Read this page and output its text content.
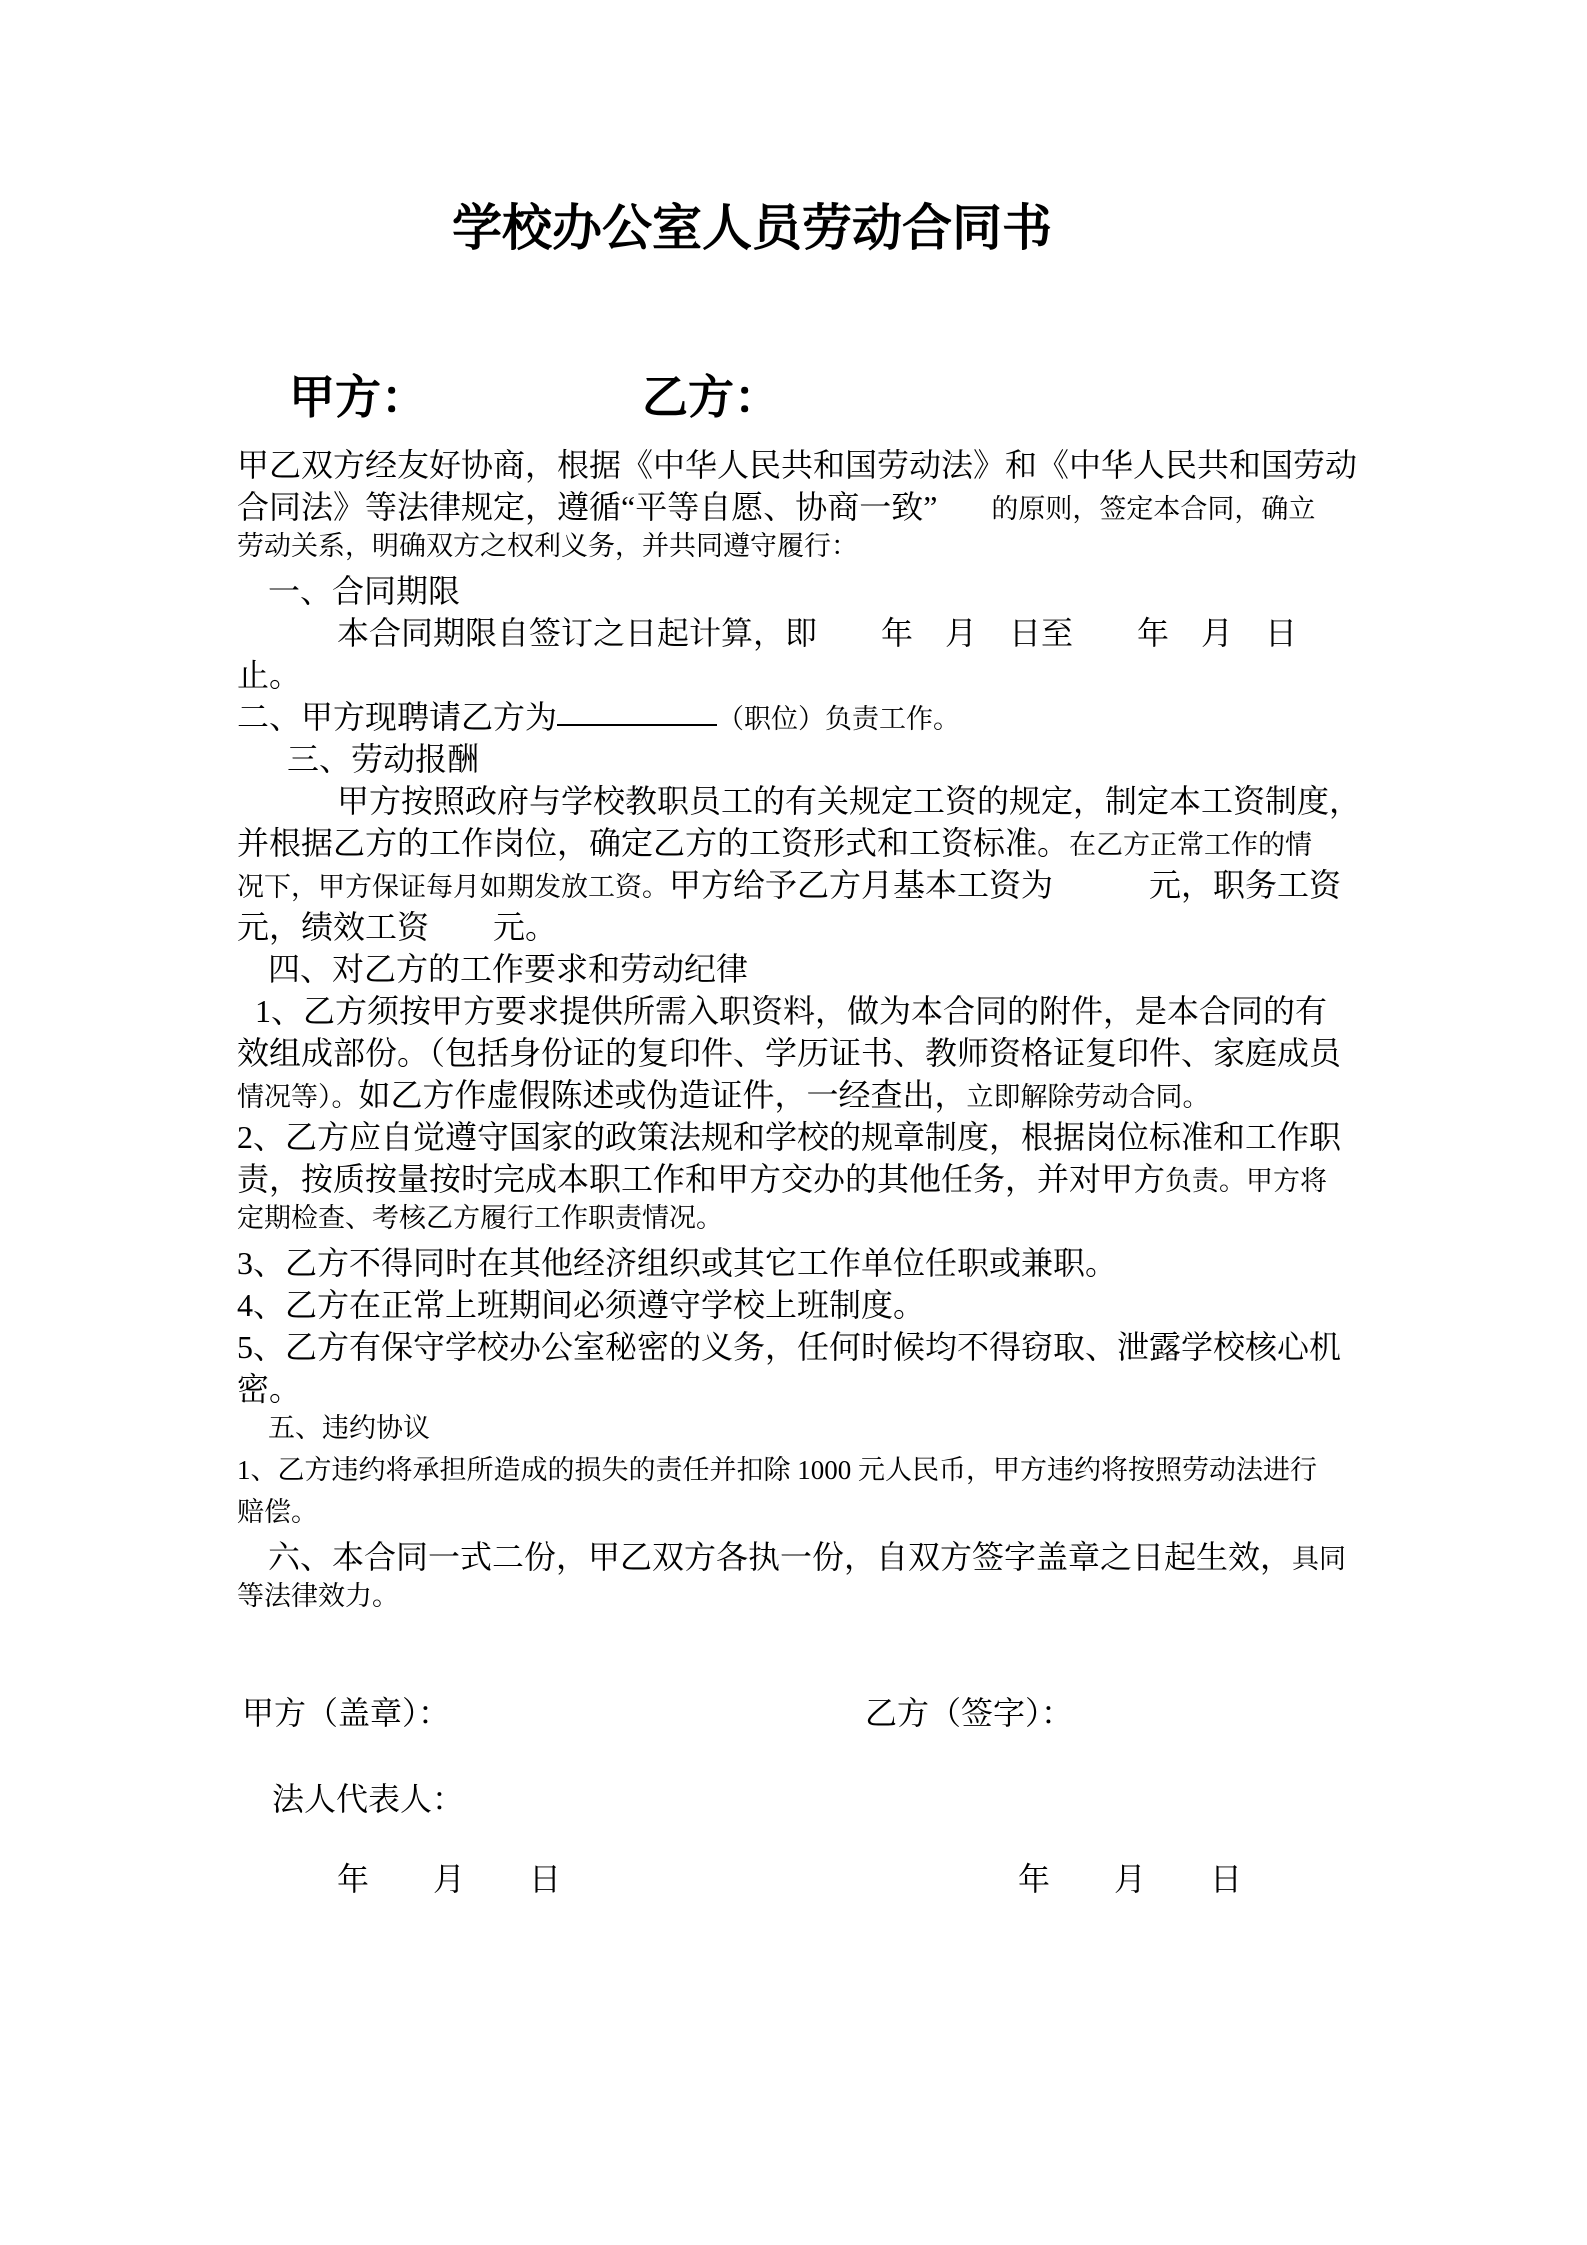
学校办公室人员劳动合同书
甲方：	乙方：
甲乙双方经友好协商，根据《中华人民共和国劳动法》和《中华人民共和国劳动
合同法》等法律规定，遵循“平等自愿、协商一致”　　的原则，签定本合同，确立
劳动关系，明确双方之权利义务，并共同遵守履行：
一、合同期限
本合同期限自签订之日起计算，即　　年　月　日至　　年　月　日
止。
二、甲方现聘请乙方为	（职位）负责工作。
三、劳动报酬
甲方按照政府与学校教职员工的有关规定工资的规定，制定本工资制度，
并根据乙方的工作岗位，确定乙方的工资形式和工资标准。在乙方正常工作的情
况下，甲方保证每月如期发放工资。甲方给予乙方月基本工资为　　　元，职务工资
元，绩效工资　　元。
四、对乙方的工作要求和劳动纪律
1、乙方须按甲方要求提供所需入职资料，做为本合同的附件，是本合同的有
效组成部份。（包括身份证的复印件、学历证书、教师资格证复印件、家庭成员
情况等）。如乙方作虚假陈述或伪造证件，一经查出，立即解除劳动合同。
2、乙方应自觉遵守国家的政策法规和学校的规章制度，根据岗位标准和工作职
责，按质按量按时完成本职工作和甲方交办的其他任务，并对甲方负责。甲方将
定期检查、考核乙方履行工作职责情况。
3、乙方不得同时在其他经济组织或其它工作单位任职或兼职。
4、乙方在正常上班期间必须遵守学校上班制度。
5、乙方有保守学校办公室秘密的义务，任何时候均不得窃取、泄露学校核心机
密。
五、违约协议
1、乙方违约将承担所造成的损失的责任并扣除 1000 元人民币，甲方违约将按照劳动法进行
赔偿。
六、本合同一式二份，甲乙双方各执一份，自双方签字盖章之日起生效，具同
等法律效力。
甲方（盖章）：	乙方（签字）：
法人代表人：
年　　月　　日	年　　月　　日
